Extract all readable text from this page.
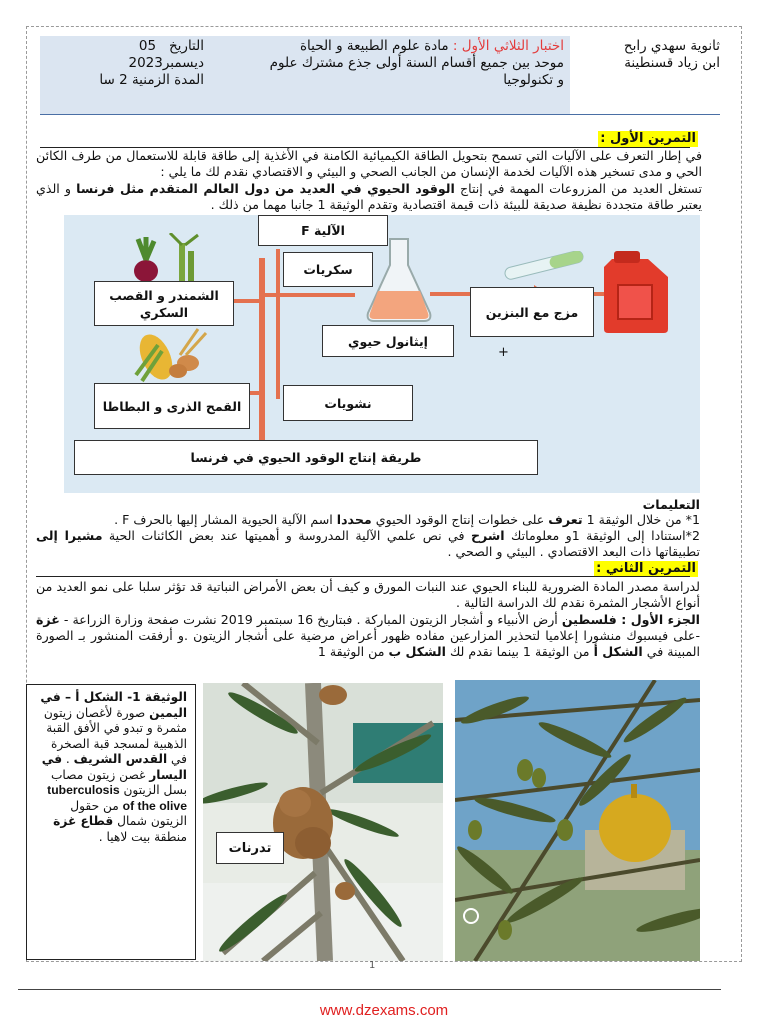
ثانوية سهدي رابح
ابن زياد قسنطينة
اختبار الثلاثي الأول : مادة علوم الطبيعة و الحياة
موحد بين جميع أقسام السنة أولى جذع مشترك علوم
و تكنولوجيا
التاريخ   05
ديسمبر2023
المدة الزمنية 2 سا
التمرين الأول :
في إطار التعرف على الآليات التي تسمح بتحويل الطاقة الكيميائية الكامنة في الأغذية إلى طاقة قابلة للاستعمال من طرف الكائن الحي و مدى تسخير هذه الآليات لخدمة الإنسان من الجانب الصحي و البيئي و الاقتصادي نقدم لك ما يلي :
تستغل العديد من المزروعات المهمة في إنتاج الوقود الحيوي في العديد من دول العالم المتقدم مثل فرنسا و الذي يعتبر طاقة متجددة نظيفة صديقة للبيئة ذات قيمة اقتصادية وتقدم الوثيقة 1 جانبا مهما من ذلك .
الآلية F
سكريات
الشمندر و القصب السكري
إيثانول حيوي
مزج مع البنزين
+
القمح الذرى و البطاطا	نشويات
طريقة إنتاج الوقود الحيوي في فرنسا
التعليمات
1* من خلال الوثيقة 1 تعرف على خطوات إنتاج الوقود الحيوي محددا اسم الآلية الحيوية المشار إليها بالحرف F .
2*استنادا إلى الوثيقة 1و معلوماتك اشرح في نص علمي الآلية المدروسة و أهميتها عند بعض الكائنات الحية مشيرا إلى تطبيقاتها ذات البعد الاقتصادي . البيئي و الصحي .
التمرين الثاني :
لدراسة مصدر المادة الضرورية للبناء الحيوي عند النبات المورق و كيف أن بعض الأمراض النباتية قد تؤثر سلبا على نمو العديد من أنواع الأشجار المثمرة نقدم لك الدراسة التالية .
الجزء الأول : فلسطين أرض الأنبياء و أشجار الزيتون المباركة . فبتاريخ 16 سبتمبر 2019 نشرت صفحة وزارة الزراعة - غزة -على فيسبوك منشورا إعلاميا لتحذير المزارعين مفاده ظهور أعراض مرضية على أشجار الزيتون .و أرفقت المنشور بـ الصورة المبينة في الشكل أ من الوثيقة 1 بينما نقدم لك الشكل ب من الوثيقة 1
الوثيقة 1- الشكل أ – في اليمين صورة لأغصان زيتون مثمرة و تبدو في الأفق القبة الذهبية لمسجد قبة الصخرة في القدس الشريف . في اليسار غصن زيتون مصاب بسل الزيتون tuberculosis of the olive من حقول الزيتون شمال قطاع غزة منطقة بيت لاهيا .
تدرنات
1
www.dzexams.com
